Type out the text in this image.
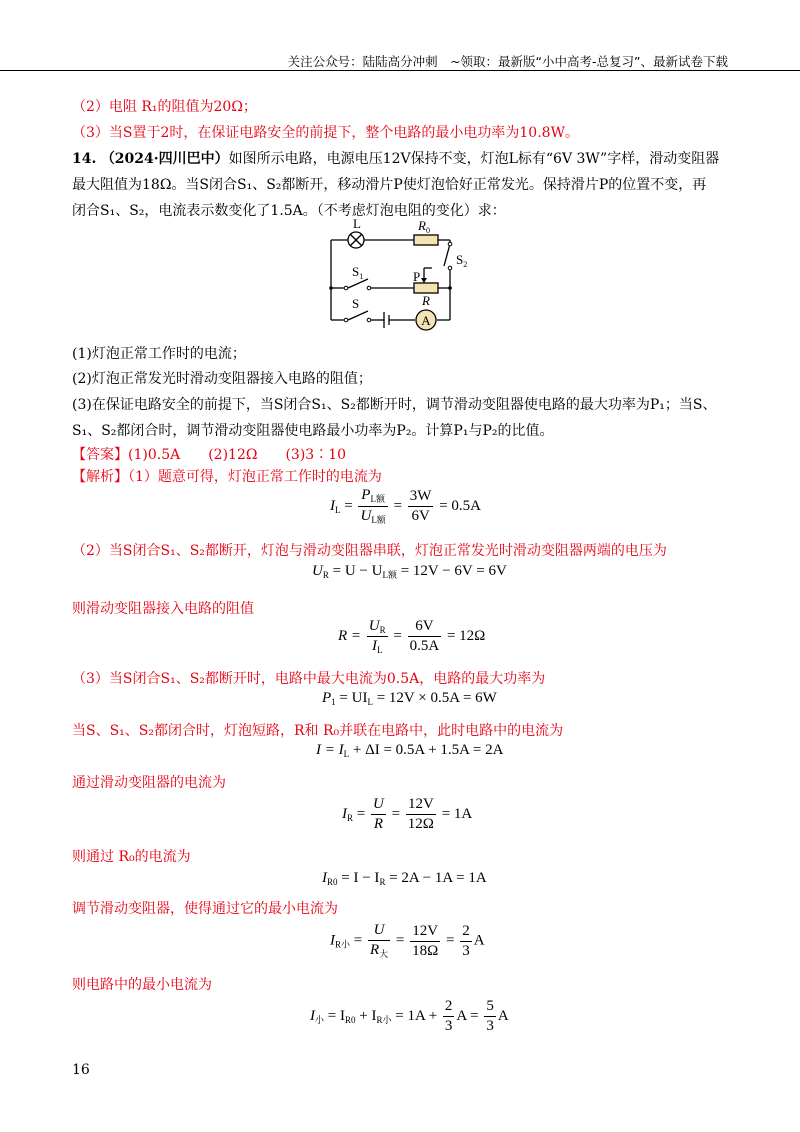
关注公众号：陆陆高分冲刺　~领取：最新版“小中高考-总复习”、最新试卷下载
（2）电阻 R₁的阻值为20Ω；
（3）当S置于2时，在保证电路安全的前提下，整个电路的最小电功率为10.8W。
14. （2024·四川巴中）如图所示电路，电源电压12V保持不变，灯泡L标有“6V 3W”字样，滑动变阻器
最大阻值为18Ω。当S闭合S₁、S₂都断开，移动滑片P使灯泡恰好正常发光。保持滑片P的位置不变，再
闭合S₁、S₂，电流表示数变化了1.5A。（不考虑灯泡电阻的变化）求：
A
L	$R_0$
$S_2$
$S_1$	P
R
S
(1)灯泡正常工作时的电流；
(2)灯泡正常发光时滑动变阻器接入电路的阻值；
(3)在保证电路安全的前提下，当S闭合S₁、S₂都断开时，调节滑动变阻器使电路的最大功率为P₁；当S、
S₁、S₂都闭合时，调节滑动变阻器使电路最小功率为P₂。计算P₁与P₂的比值。
【答案】(1)0.5A　　(2)12Ω　　(3)3∶10
【解析】（1）题意可得，灯泡正常工作时的电流为
$I_L = \frac{P_{L额}}{U_{L额}} = \frac{3W}{6V} = 0.5A$
（2）当S闭合S₁、S₂都断开，灯泡与滑动变阻器串联，灯泡正常发光时滑动变阻器两端的电压为
$U_R = U - U_{L额} = 12V - 6V = 6V$
则滑动变阻器接入电路的阻值
$R = \frac{U_R}{I_L} = \frac{6V}{0.5A} = 12\Omega$
（3）当S闭合S₁、S₂都断开时，电路中最大电流为0.5A，电路的最大功率为
$P_1 = UI_L = 12V \times 0.5A = 6W$
当S、S₁、S₂都闭合时，灯泡短路，R和 R₀并联在电路中，此时电路中的电流为
$I = I_L + \Delta I = 0.5A + 1.5A = 2A$
通过滑动变阻器的电流为
$I_R = \frac{U}{R} = \frac{12V}{12\Omega} = 1A$
则通过 R₀的电流为
$I_{R0} = I - I_R = 2A - 1A = 1A$
调节滑动变阻器，使得通过它的最小电流为
$I_{R小} = \frac{U}{R_大} = \frac{12V}{18\Omega} = \frac{2}{3}$ A
则电路中的最小电流为
$I_小 = I_{R0} + I_{R小} = 1A + \frac{2}{3}$ $A = \frac{5}{3}$ A
16
